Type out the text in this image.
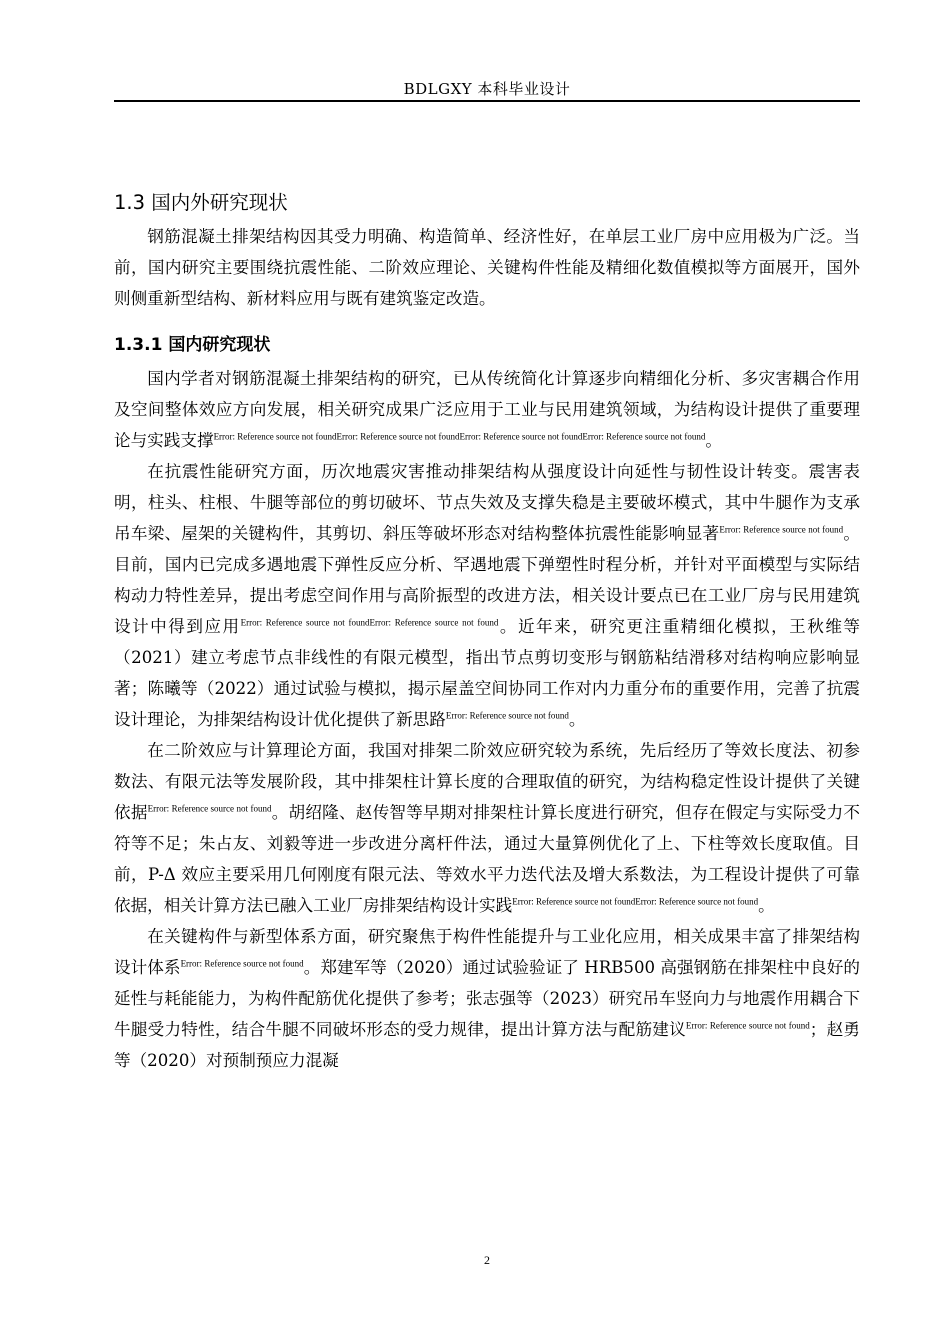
BDLGXY 本科毕业设计
1.3 国内外研究现状

钢筋混凝土排架结构因其受力明确、构造简单、经济性好，在单层工业厂房中应用极为广泛。当前，国内研究主要围绕抗震性能、二阶效应理论、关键构件性能及精细化数值模拟等方面展开，国外则侧重新型结构、新材料应用与既有建筑鉴定改造。

1.3.1 国内研究现状

国内学者对钢筋混凝土排架结构的研究，已从传统简化计算逐步向精细化分析、多灾害耦合作用及空间整体效应方向发展，相关研究成果广泛应用于工业与民用建筑领域，为结构设计提供了重要理论与实践支撑$^{Error: Reference source not foundError: Reference source not foundError: Reference source not foundError: Reference source not found}$。

在抗震性能研究方面，历次地震灾害推动排架结构从强度设计向延性与韧性设计转变。震害表明，柱头、柱根、牛腿等部位的剪切破坏、节点失效及支撑失稳是主要破坏模式，其中牛腿作为支承吊车梁、屋架的关键构件，其剪切、斜压等破坏形态对结构整体抗震性能影响显著$^{Error: Reference source not found}$。目前，国内已完成多遇地震下弹性反应分析、罕遇地震下弹塑性时程分析，并针对平面模型与实际结构动力特性差异，提出考虑空间作用与高阶振型的改进方法，相关设计要点已在工业厂房与民用建筑设计中得到应用$^{Error: Reference source not foundError: Reference source not found}$。近年来，研究更注重精细化模拟，王秋维等（2021）建立考虑节点非线性的有限元模型，指出节点剪切变形与钢筋粘结滑移对结构响应影响显著；陈曦等（2022）通过试验与模拟，揭示屋盖空间协同工作对内力重分布的重要作用，完善了抗震设计理论，为排架结构设计优化提供了新思路$^{Error: Reference source not found}$。

在二阶效应与计算理论方面，我国对排架二阶效应研究较为系统，先后经历了等效长度法、初参数法、有限元法等发展阶段，其中排架柱计算长度的合理取值的研究，为结构稳定性设计提供了关键依据$^{Error: Reference source not found}$。胡绍隆、赵传智等早期对排架柱计算长度进行研究，但存在假定与实际受力不符等不足；朱占友、刘毅等进一步改进分离杆件法，通过大量算例优化了上、下柱等效长度取值。目前，P-Δ 效应主要采用几何刚度有限元法、等效水平力迭代法及增大系数法，为工程设计提供了可靠依据，相关计算方法已融入工业厂房排架结构设计实践$^{Error: Reference source not foundError: Reference source not found}$。

在关键构件与新型体系方面，研究聚焦于构件性能提升与工业化应用，相关成果丰富了排架结构设计体系$^{Error: Reference source not found}$。郑建军等（2020）通过试验验证了 HRB500 高强钢筋在排架柱中良好的延性与耗能能力，为构件配筋优化提供了参考；张志强等（2023）研究吊车竖向力与地震作用耦合下牛腿受力特性，结合牛腿不同破坏形态的受力规律，提出计算方法与配筋建议$^{Error: Reference source not found}$；赵勇等（2020）对预制预应力混凝

2
